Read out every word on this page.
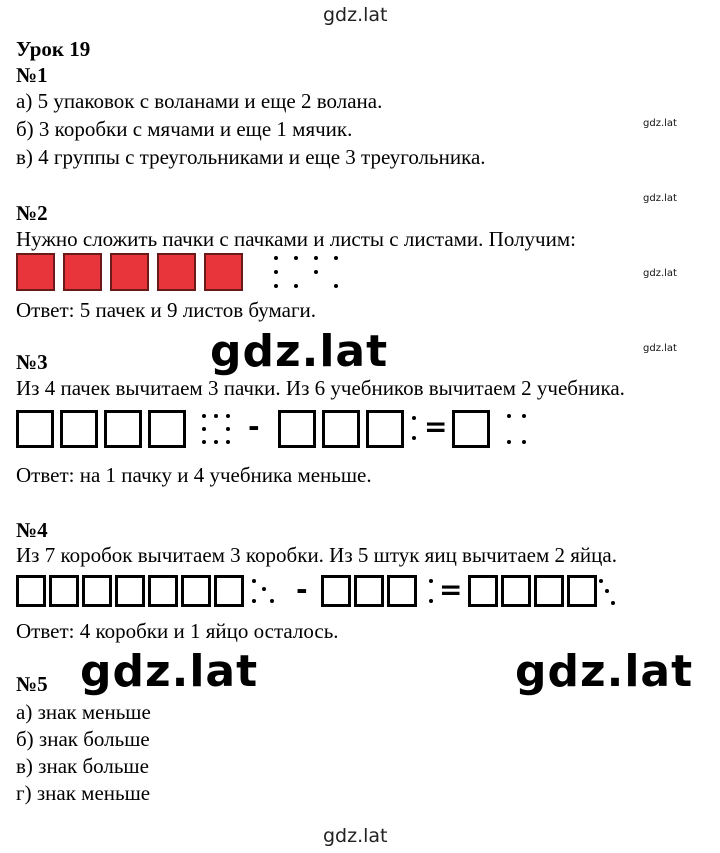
gdz.lat
gdz.lat
gdz.lat
gdz.lat
gdz.lat
gdz.lat
gdz.lat
gdz.lat	gdz.lat
Урок 19
№1
а) 5 упаковок с воланами и еще 2 волана.
б) 3 коробки с мячами и еще 1 мячик.
в) 4 группы с треугольниками и еще 3 треугольника.
№2
Нужно сложить пачки с пачками и листы с листами. Получим:
Ответ: 5 пачек и 9 листов бумаги.
№3
Из 4 пачек вычитаем 3 пачки. Из 6 учебников вычитаем 2 учебника.
-	=
Ответ: на 1 пачку и 4 учебника меньше.
№4
Из 7 коробок вычитаем 3 коробки. Из 5 штук яиц вычитаем 2 яйца.
-	=
Ответ: 4 коробки и 1 яйцо осталось.
№5
а) знак меньше
б) знак больше
в) знак больше
г) знак меньше
